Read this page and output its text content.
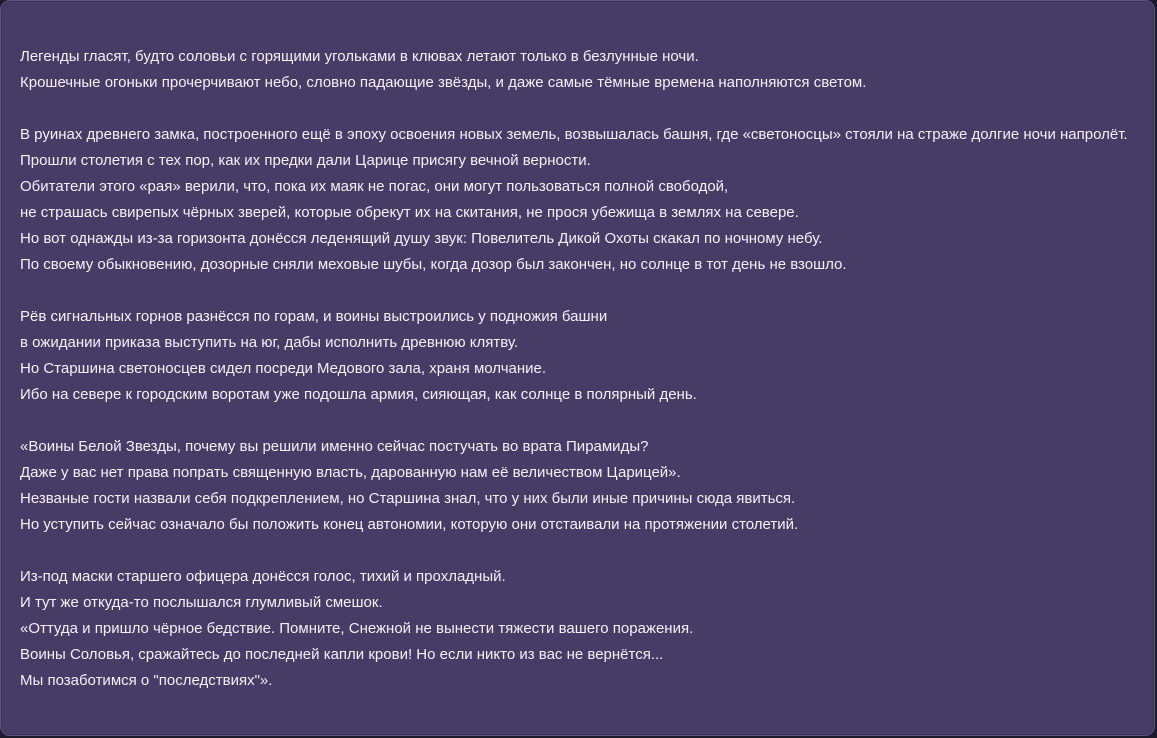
Легенды гласят, будто соловьи с горящими угольками в клювах летают только в безлунные ночи.
Крошечные огоньки прочерчивают небо, словно падающие звёзды, и даже самые тёмные времена наполняются светом.
В руинах древнего замка, построенного ещё в эпоху освоения новых земель, возвышалась башня, где «светоносцы» стояли на страже долгие ночи напролёт.
Прошли столетия с тех пор, как их предки дали Царице присягу вечной верности.
Обитатели этого «рая» верили, что, пока их маяк не погас, они могут пользоваться полной свободой,
не страшась свирепых чёрных зверей, которые обрекут их на скитания, не прося убежища в землях на севере.
Но вот однажды из-за горизонта донёсся леденящий душу звук: Повелитель Дикой Охоты скакал по ночному небу.
По своему обыкновению, дозорные сняли меховые шубы, когда дозор был закончен, но солнце в тот день не взошло.
Рёв сигнальных горнов разнёсся по горам, и воины выстроились у подножия башни
в ожидании приказа выступить на юг, дабы исполнить древнюю клятву.
Но Старшина светоносцев сидел посреди Медового зала, храня молчание.
Ибо на севере к городским воротам уже подошла армия, сияющая, как солнце в полярный день.
«Воины Белой Звезды, почему вы решили именно сейчас постучать во врата Пирамиды?
Даже у вас нет права попрать священную власть, дарованную нам её величеством Царицей».
Незваные гости назвали себя подкреплением, но Старшина знал, что у них были иные причины сюда явиться.
Но уступить сейчас означало бы положить конец автономии, которую они отстаивали на протяжении столетий.
Из-под маски старшего офицера донёсся голос, тихий и прохладный.
И тут же откуда-то послышался глумливый смешок.
«Оттуда и пришло чёрное бедствие. Помните, Снежной не вынести тяжести вашего поражения.
Воины Соловья, сражайтесь до последней капли крови! Но если никто из вас не вернётся...
Мы позаботимся о "последствиях"».
